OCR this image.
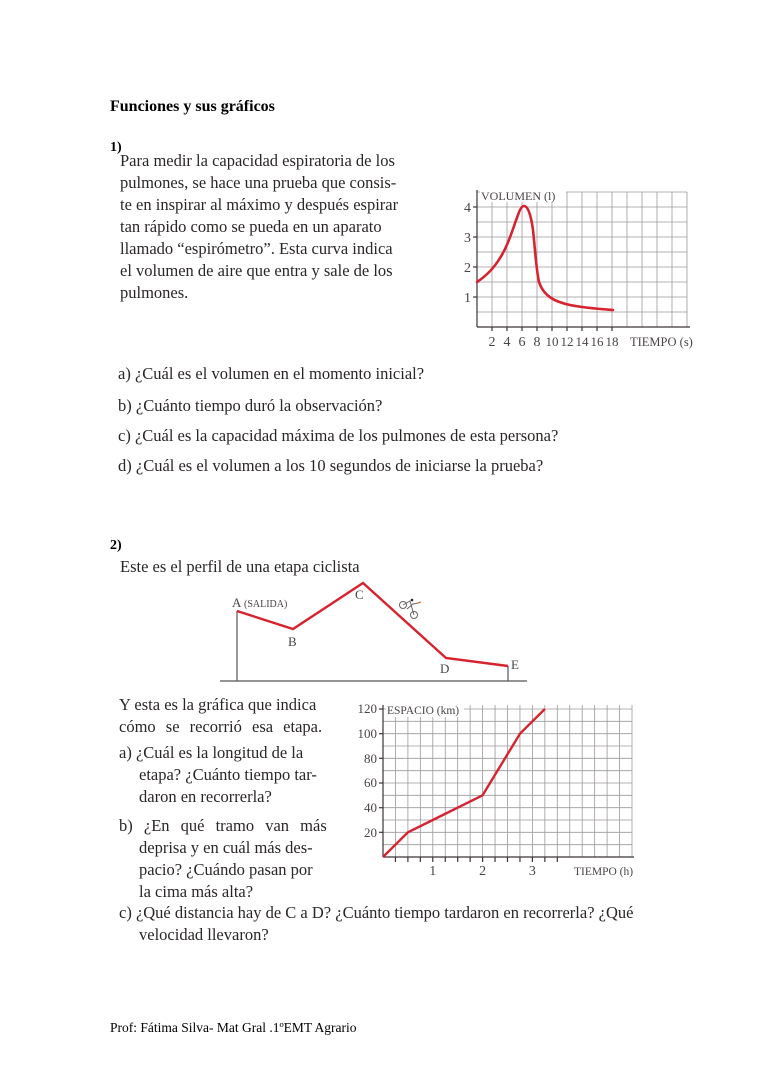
Funciones y sus gráficos
1)
Para medir la capacidad espiratoria de los
pulmones, se hace una prueba que consis-
te en inspirar al máximo y después espirar
tan rápido como se pueda en un aparato
llamado “espirómetro”. Esta curva indica
el volumen de aire que entra y sale de los
pulmones.
VOLUMEN (l)
4
3
2
1
2 4 6 8 10 12 14 16 18 TIEMPO (s)
a) ¿Cuál es el volumen en el momento inicial?
b) ¿Cuánto tiempo duró la observación?
c) ¿Cuál es la capacidad máxima de los pulmones de esta persona?
d) ¿Cuál es el volumen a los 10 segundos de iniciarse la prueba?
2)
Este es el perfil de una etapa ciclista
A (SALIDA)
B
C
D	E
Y esta es la gráfica que indica
cómo se recorrió esa etapa.
a) ¿Cuál es la longitud de la
etapa? ¿Cuánto tiempo tar-
daron en recorrerla?
b) ¿En qué tramo van más
deprisa y en cuál más des-
pacio? ¿Cuándo pasan por
la cima más alta?
ESPACIO (km)
120
100
80
60
40
20
1	2	3	TIEMPO (h)
c) ¿Qué distancia hay de C a D? ¿Cuánto tiempo tardaron en recorrerla? ¿Qué
velocidad llevaron?
Prof: Fátima Silva- Mat Gral .1ºEMT Agrario
